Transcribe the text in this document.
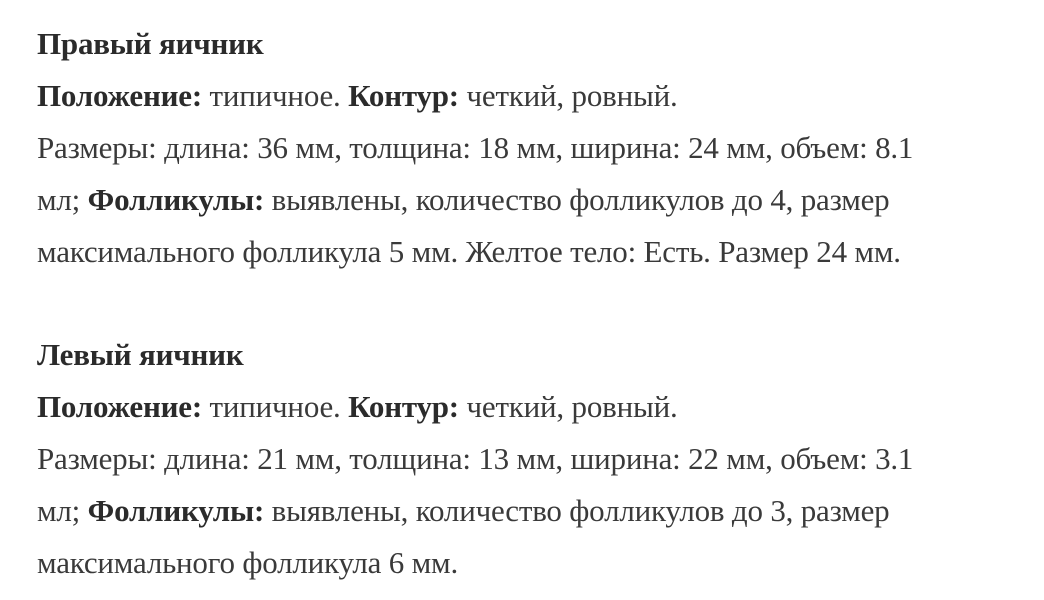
Правый яичник
Положение: типичное. Контур: четкий, ровный.
Размеры: длина: 36 мм, толщина: 18 мм, ширина: 24 мм, объем: 8.1
мл; Фолликулы: выявлены, количество фолликулов до 4, размер
максимального фолликула 5 мм. Желтое тело: Есть. Размер 24 мм.
Левый яичник
Положение: типичное. Контур: четкий, ровный.
Размеры: длина: 21 мм, толщина: 13 мм, ширина: 22 мм, объем: 3.1
мл; Фолликулы: выявлены, количество фолликулов до 3, размер
максимального фолликула 6 мм.
